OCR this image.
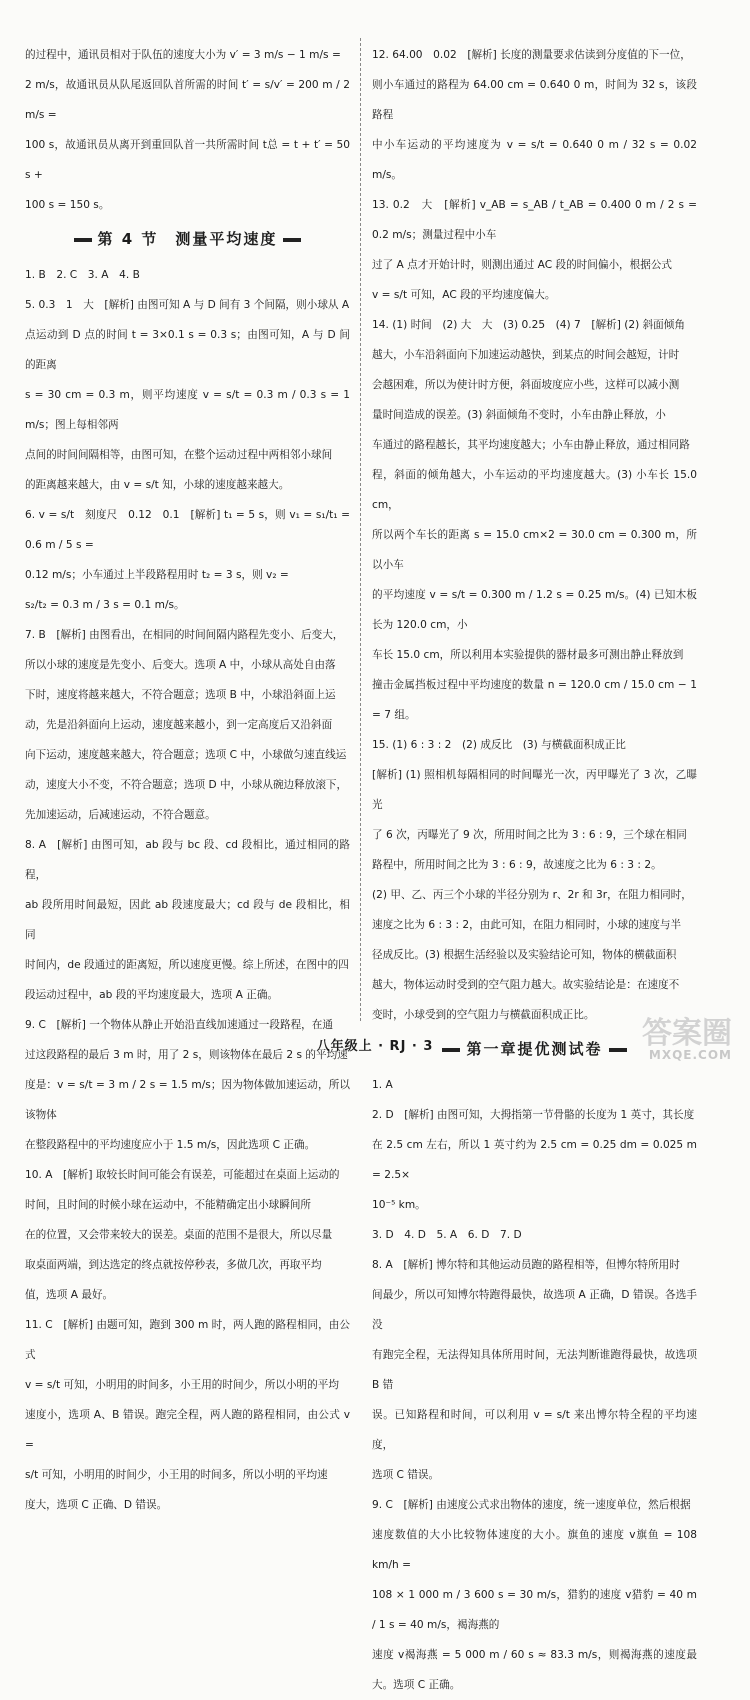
的过程中，通讯员相对于队伍的速度大小为 v′ = 3 m/s − 1 m/s =

2 m/s，故通讯员从队尾返回队首所需的时间 t′ = s/v′ = 200 m / 2 m/s =

100 s，故通讯员从离开到重回队首一共所需时间 t总 = t + t′ = 50 s +

100 s = 150 s。

第 4 节　测量平均速度

1. B　2. C　3. A　4. B

5. 0.3　1　大　[解析] 由图可知 A 与 D 间有 3 个间隔，则小球从 A

点运动到 D 点的时间 t = 3×0.1 s = 0.3 s；由图可知，A 与 D 间的距离

s = 30 cm = 0.3 m，则平均速度 v = s/t = 0.3 m / 0.3 s = 1 m/s；图上每相邻两

点间的时间间隔相等，由图可知，在整个运动过程中两相邻小球间

的距离越来越大，由 v = s/t 知，小球的速度越来越大。

6. v = s/t　刻度尺　0.12　0.1　[解析] t₁ = 5 s，则 v₁ = s₁/t₁ = 0.6 m / 5 s =

0.12 m/s；小车通过上半段路程用时 t₂ = 3 s，则 v₂ =

s₂/t₂ = 0.3 m / 3 s = 0.1 m/s。

7. B　[解析] 由图看出，在相同的时间间隔内路程先变小、后变大，

所以小球的速度是先变小、后变大。选项 A 中，小球从高处自由落

下时，速度将越来越大，不符合题意；选项 B 中，小球沿斜面上运

动，先是沿斜面向上运动，速度越来越小，到一定高度后又沿斜面

向下运动，速度越来越大，符合题意；选项 C 中，小球做匀速直线运

动，速度大小不变，不符合题意；选项 D 中，小球从碗边释放滚下，

先加速运动，后减速运动，不符合题意。

8. A　[解析] 由图可知，ab 段与 bc 段、cd 段相比，通过相同的路程，

ab 段所用时间最短，因此 ab 段速度最大；cd 段与 de 段相比，相同

时间内，de 段通过的距离短，所以速度更慢。综上所述，在图中的四

段运动过程中，ab 段的平均速度最大，选项 A 正确。

9. C　[解析] 一个物体从静止开始沿直线加速通过一段路程，在通

过这段路程的最后 3 m 时，用了 2 s，则该物体在最后 2 s 的平均速

度是：v = s/t = 3 m / 2 s = 1.5 m/s；因为物体做加速运动，所以该物体

在整段路程中的平均速度应小于 1.5 m/s，因此选项 C 正确。

10. A　[解析] 取较长时间可能会有误差，可能超过在桌面上运动的

时间，且时间的时候小球在运动中，不能精确定出小球瞬间所

在的位置，又会带来较大的误差。桌面的范围不是很大，所以尽量

取桌面两端，到达选定的终点就按停秒表，多做几次，再取平均

值，选项 A 最好。

11. C　[解析] 由题可知，跑到 300 m 时，两人跑的路程相同，由公式

v = s/t 可知，小明用的时间多，小王用的时间少，所以小明的平均

速度小，选项 A、B 错误。跑完全程，两人跑的路程相同，由公式 v =

s/t 可知，小明用的时间少，小王用的时间多，所以小明的平均速

度大，选项 C 正确、D 错误。

12. 64.00　0.02　[解析] 长度的测量要求估读到分度值的下一位，

则小车通过的路程为 64.00 cm = 0.640 0 m，时间为 32 s，该段路程

中小车运动的平均速度为 v = s/t = 0.640 0 m / 32 s = 0.02 m/s。

13. 0.2　大　[解析] v_AB = s_AB / t_AB = 0.400 0 m / 2 s = 0.2 m/s；测量过程中小车

过了 A 点才开始计时，则测出通过 AC 段的时间偏小，根据公式

v = s/t 可知，AC 段的平均速度偏大。

14. (1) 时间　(2) 大　大　(3) 0.25　(4) 7　[解析] (2) 斜面倾角

越大，小车沿斜面向下加速运动越快，到某点的时间会越短，计时

会越困难，所以为使计时方便，斜面坡度应小些，这样可以减小测

量时间造成的误差。(3) 斜面倾角不变时，小车由静止释放，小

车通过的路程越长，其平均速度越大；小车由静止释放，通过相同路

程，斜面的倾角越大，小车运动的平均速度越大。(3) 小车长 15.0 cm，

所以两个车长的距离 s = 15.0 cm×2 = 30.0 cm = 0.300 m，所以小车

的平均速度 v = s/t = 0.300 m / 1.2 s = 0.25 m/s。(4) 已知木板长为 120.0 cm，小

车长 15.0 cm，所以利用本实验提供的器材最多可测出静止释放到

撞击金属挡板过程中平均速度的数量 n = 120.0 cm / 15.0 cm − 1 = 7 组。

15. (1) 6 : 3 : 2　(2) 成反比　(3) 与横截面积成正比

[解析] (1) 照相机每隔相同的时间曝光一次，丙甲曝光了 3 次，乙曝光

了 6 次，丙曝光了 9 次，所用时间之比为 3 : 6 : 9，三个球在相同

路程中，所用时间之比为 3 : 6 : 9，故速度之比为 6 : 3 : 2。

(2) 甲、乙、丙三个小球的半径分别为 r、2r 和 3r，在阻力相同时，

速度之比为 6 : 3 : 2，由此可知，在阻力相同时，小球的速度与半

径成反比。(3) 根据生活经验以及实验结论可知，物体的横截面积

越大，物体运动时受到的空气阻力越大。故实验结论是：在速度不

变时，小球受到的空气阻力与横截面积成正比。

第一章提优测试卷

1. A

2. D　[解析] 由图可知，大拇指第一节骨骼的长度为 1 英寸，其长度

在 2.5 cm 左右，所以 1 英寸约为 2.5 cm = 0.25 dm = 0.025 m = 2.5×

10⁻⁵ km。

3. D　4. D　5. A　6. D　7. D

8. A　[解析] 博尔特和其他运动员跑的路程相等，但博尔特所用时

间最少，所以可知博尔特跑得最快，故选项 A 正确，D 错误。各选手没

有跑完全程，无法得知具体所用时间，无法判断谁跑得最快，故选项 B 错

误。已知路程和时间，可以利用 v = s/t 来出博尔特全程的平均速度，

选项 C 错误。

9. C　[解析] 由速度公式求出物体的速度，统一速度单位，然后根据

速度数值的大小比较物体速度的大小。旗鱼的速度 v旗鱼 = 108 km/h =

108 × 1 000 m / 3 600 s = 30 m/s，猎豹的速度 v猎豹 = 40 m / 1 s = 40 m/s，褐海燕的

速度 v褐海燕 = 5 000 m / 60 s ≈ 83.3 m/s，则褐海燕的速度最大。选项 C 正确。

八年级上 · RJ · 3	答案圈
MXQE.COM
